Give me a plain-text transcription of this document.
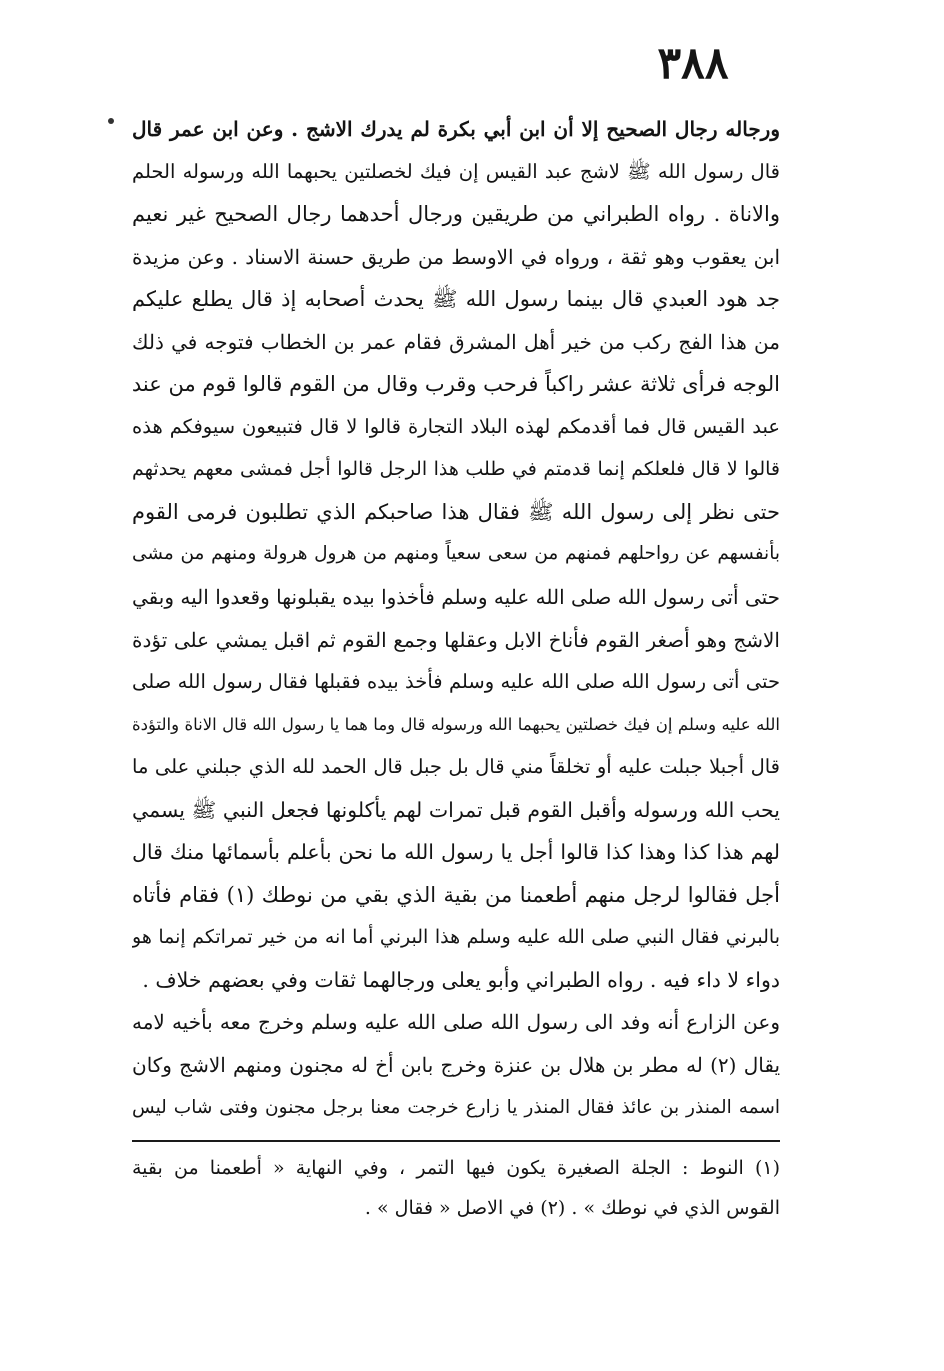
٣٨٨
ورجاله رجال الصحيح إلا أن ابن أبي بكرة لم يدرك الاشج . وعن ابن عمر قال
قال رسول الله ﷺ لاشج عبد القيس إن فيك لخصلتين يحبهما الله ورسوله الحلم
والاناة . رواه الطبراني من طريقين ورجال أحدهما رجال الصحيح غير نعيم
ابن يعقوب وهو ثقة ، ورواه في الاوسط من طريق حسنة الاسناد . وعن مزيدة
جد هود العبدي قال بينما رسول الله ﷺ يحدث أصحابه إذ قال يطلع عليكم
من هذا الفج ركب من خير أهل المشرق فقام عمر بن الخطاب فتوجه في ذلك
الوجه فرأى ثلاثة عشر راكباً فرحب وقرب وقال من القوم قالوا قوم من عند
عبد القيس قال فما أقدمكم لهذه البلاد التجارة قالوا لا قال فتبيعون سيوفكم هذه
قالوا لا قال فلعلكم إنما قدمتم في طلب هذا الرجل قالوا أجل فمشى معهم يحدثهم
حتى نظر إلى رسول الله ﷺ فقال هذا صاحبكم الذي تطلبون فرمى القوم
بأنفسهم عن رواحلهم فمنهم من سعى سعياً ومنهم من هرول هرولة ومنهم من مشى
حتى أتى رسول الله صلى الله عليه وسلم فأخذوا بيده يقبلونها وقعدوا اليه وبقي
الاشج وهو أصغر القوم فأناخ الابل وعقلها وجمع القوم ثم اقبل يمشي على تؤدة
حتى أتى رسول الله صلى الله عليه وسلم فأخذ بيده فقبلها فقال رسول الله صلى
الله عليه وسلم إن فيك خصلتين يحبهما الله ورسوله قال وما هما يا رسول الله قال الاناة والتؤدة
قال أجبلا جبلت عليه أو تخلقاً مني قال بل جبل قال الحمد لله الذي جبلني على ما
يحب الله ورسوله وأقبل القوم قبل تمرات لهم يأكلونها فجعل النبي ﷺ يسمي
لهم هذا كذا وهذا كذا قالوا أجل يا رسول الله ما نحن بأعلم بأسمائها منك قال
أجل فقالوا لرجل منهم أطعمنا من بقية الذي بقي من نوطك (١) فقام فأتاه
بالبرني فقال النبي صلى الله عليه وسلم هذا البرني أما انه من خير تمراتكم إنما هو
دواء لا داء فيه . رواه الطبراني وأبو يعلى ورجالهما ثقات وفي بعضهم خلاف .
وعن الزارع أنه وفد الى رسول الله صلى الله عليه وسلم وخرج معه بأخيه لامه
يقال (٢) له مطر بن هلال بن عنزة وخرج بابن أخ له مجنون ومنهم الاشج وكان
اسمه المنذر بن عائذ فقال المنذر يا زارع خرجت معنا برجل مجنون وفتى شاب ليس
(١) النوط : الجلة الصغيرة يكون فيها التمر ، وفي النهاية « أطعمنا من بقية
القوس الذي في نوطك » . (٢) في الاصل « فقال » .
